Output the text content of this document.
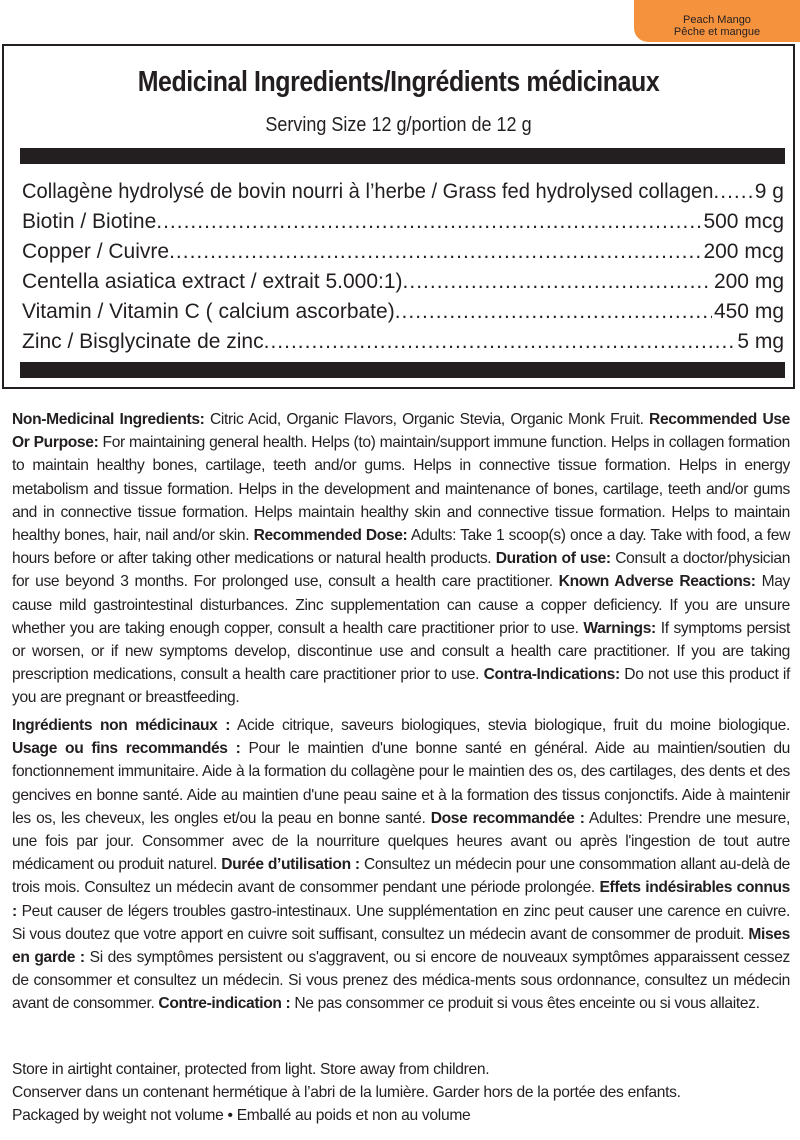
Peach Mango
Pêche et mangue
Medicinal Ingredients/Ingrédients médicinaux
Serving Size 12 g/portion de 12 g
Collagène hydrolysé de bovin nourri à l’herbe / Grass fed hydrolysed collagen ..... 9 g
Biotin / Biotine .....	500 mcg
Copper / Cuivre .....	200 mcg
Centella asiatica extract / extrait 5.000:1) .....	200 mg
Vitamin / Vitamin C ( calcium ascorbate) .....	450 mg
Zinc / Bisglycinate de zinc .....	5 mg

Non-Medicinal Ingredients: Citric Acid, Organic Flavors, Organic Stevia, Organic Monk Fruit. Recommended Use Or Purpose: For maintaining general health. Helps (to) maintain/support immune function. Helps in collagen formation to maintain healthy bones, cartilage, teeth and/or gums. Helps in connective tissue formation. Helps in energy metabolism and tissue formation. Helps in the development and maintenance of bones, cartilage, teeth and/or gums and in connective tissue formation. Helps maintain healthy skin and connective tissue formation. Helps to maintain healthy bones, hair, nail and/or skin. Recommended Dose: Adults: Take 1 scoop(s) once a day. Take with food, a few hours before or after taking other medications or natural health products. Duration of use: Consult a doctor/physician for use beyond 3 months. For prolonged use, consult a health care practitioner. Known Adverse Reactions: May cause mild gastrointestinal disturbances. Zinc supplementation can cause a copper deficiency. If you are unsure whether you are taking enough copper, consult a health care practitioner prior to use. Warnings: If symptoms persist or worsen, or if new symptoms develop, discontinue use and consult a health care practitioner. If you are taking prescription medications, consult a health care practitioner prior to use. Contra-Indications: Do not use this product if you are pregnant or breastfeeding.

Ingrédients non médicinaux : Acide citrique, saveurs biologiques, stevia biologique, fruit du moine biologique. Usage ou fins recommandés : Pour le maintien d'une bonne santé en général. Aide au maintien/soutien du fonctionnement immunitaire. Aide à la formation du collagène pour le maintien des os, des cartilages, des dents et des gencives en bonne santé. Aide au maintien d'une peau saine et à la formation des tissus conjonctifs. Aide à maintenir les os, les cheveux, les ongles et/ou la peau en bonne santé. Dose recommandée : Adultes: Prendre une mesure, une fois par jour. Consommer avec de la nourriture quelques heures avant ou après l'ingestion de tout autre médicament ou produit naturel. Durée d’utilisation : Consultez un médecin pour une consommation allant au-delà de trois mois. Consultez un médecin avant de consommer pendant une période prolongée. Effets indésirables connus : Peut causer de légers troubles gastro-intestinaux. Une supplémentation en zinc peut causer une carence en cuivre. Si vous doutez que votre apport en cuivre soit suffisant, consultez un médecin avant de consommer de produit. Mises en garde : Si des symptômes persistent ou s'aggravent, ou si encore de nouveaux symptômes apparaissent cessez de consommer et consultez un médecin. Si vous prenez des médica-ments sous ordonnance, consultez un médecin avant de consommer. Contre-indication : Ne pas consommer ce produit si vous êtes enceinte ou si vous allaitez.

Store in airtight container, protected from light. Store away from children.
Conserver dans un contenant hermétique à l’abri de la lumière. Garder hors de la portée des enfants.
Packaged by weight not volume • Emballé au poids et non au volume
